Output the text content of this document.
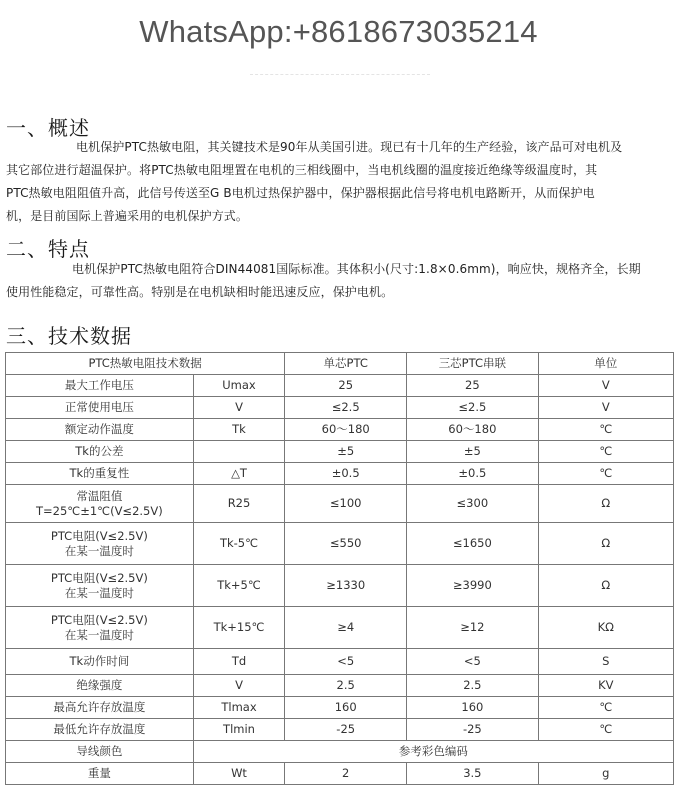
WhatsApp:+8618673035214
一、概述
电机保护PTC热敏电阻，其关键技术是90年从美国引进。现已有十几年的生产经验，该产品可对电机及
其它部位进行超温保护。将PTC热敏电阻埋置在电机的三相线圈中，当电机线圈的温度接近绝缘等级温度时，其
PTC热敏电阻阻值升高，此信号传送至G B电机过热保护器中，保护器根据此信号将电机电路断开，从而保护电
机，是目前国际上普遍采用的电机保护方式。
二、特点
电机保护PTC热敏电阻符合DIN44081国际标准。其体积小(尺寸:1.8×0.6mm)，响应快，规格齐全，长期
使用性能稳定，可靠性高。特别是在电机缺相时能迅速反应，保护电机。
三、技术数据
PTC热敏电阻技术数据		单芯PTC	三芯PTC串联	单位
最大工作电压	Umax	25	25	V
正常使用电压	V	≤2.5	≤2.5	V
额定动作温度	Tk	60～180	60～180	℃
Tk的公差		±5	±5	℃
Tk的重复性	△T	±0.5	±0.5	℃

常温阻值
T=25℃±1℃(V≤2.5V)	R25	≤100	≤300	Ω

PTC电阻(V≤2.5V)
在某一温度时	Tk-5℃	≤550	≤1650	Ω

PTC电阻(V≤2.5V)
在某一温度时	Tk+5℃	≥1330	≥3990	Ω

PTC电阻(V≤2.5V)
在某一温度时	Tk+15℃	≥4	≥12	KΩ
Tk动作时间	Td	<5	<5	S
绝缘强度	V	2.5	2.5	KV
最高允许存放温度	Tlmax	160	160	℃
最低允许存放温度	Tlmin	-25	-25	℃
导线颜色	参考彩色编码			
重量	Wt	2	3.5	g
